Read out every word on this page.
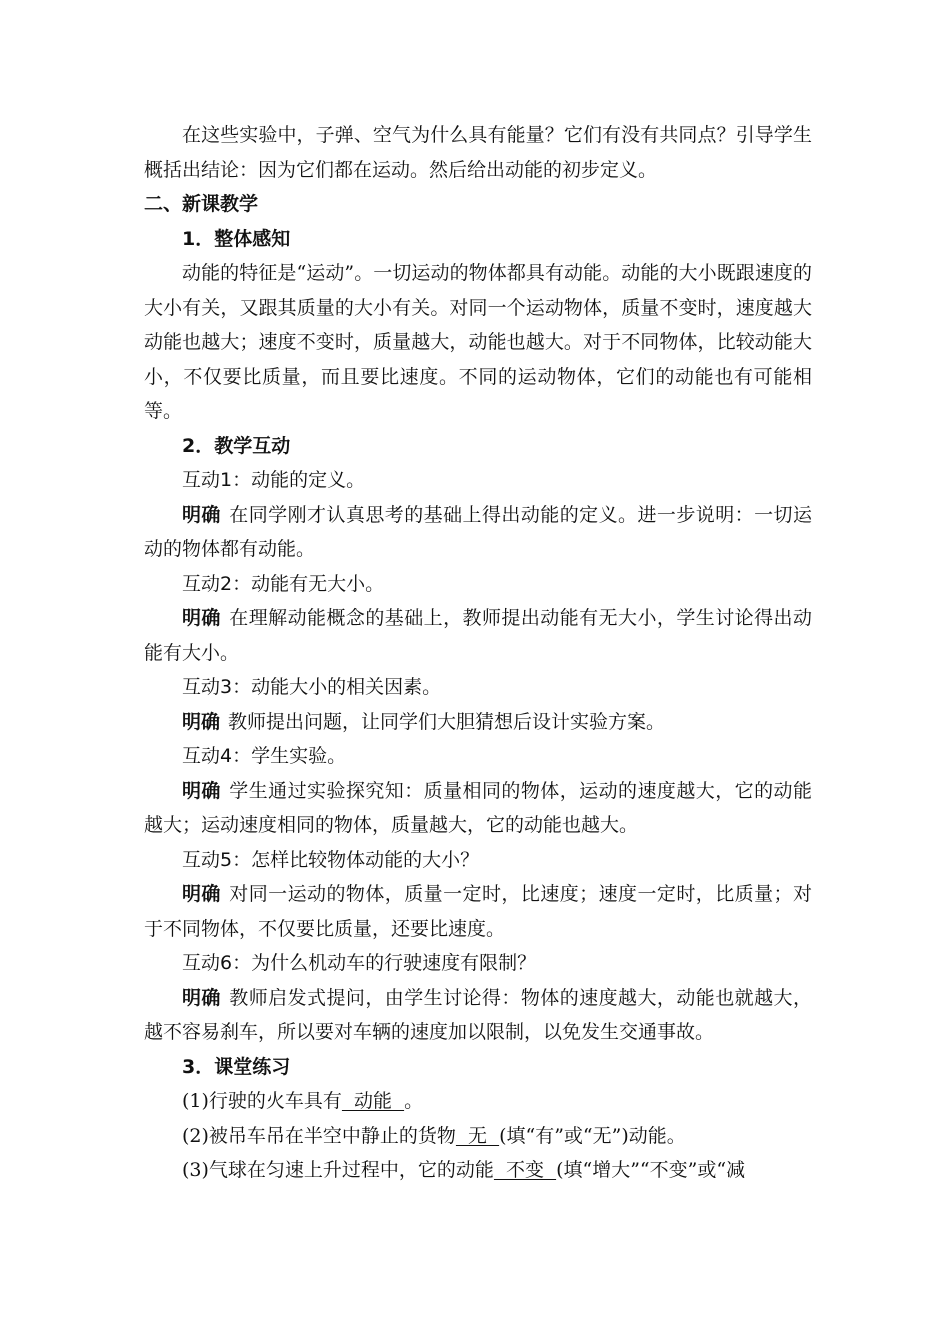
在这些实验中，子弹、空气为什么具有能量？它们有没有共同点？引导学生概括出结论：因为它们都在运动。然后给出动能的初步定义。

二、新课教学

1．整体感知

动能的特征是“运动”。一切运动的物体都具有动能。动能的大小既跟速度的大小有关，又跟其质量的大小有关。对同一个运动物体，质量不变时，速度越大动能也越大；速度不变时，质量越大，动能也越大。对于不同物体，比较动能大小，不仅要比质量，而且要比速度。不同的运动物体，它们的动能也有可能相等。

2．教学互动

互动1：动能的定义。

明确 在同学刚才认真思考的基础上得出动能的定义。进一步说明：一切运动的物体都有动能。

互动2：动能有无大小。

明确 在理解动能概念的基础上，教师提出动能有无大小，学生讨论得出动能有大小。

互动3：动能大小的相关因素。

明确 教师提出问题，让同学们大胆猜想后设计实验方案。

互动4：学生实验。

明确 学生通过实验探究知：质量相同的物体，运动的速度越大，它的动能越大；运动速度相同的物体，质量越大，它的动能也越大。

互动5：怎样比较物体动能的大小？

明确 对同一运动的物体，质量一定时，比速度；速度一定时，比质量；对于不同物体，不仅要比质量，还要比速度。

互动6：为什么机动车的行驶速度有限制？

明确 教师启发式提问，由学生讨论得：物体的速度越大，动能也就越大，越不容易刹车，所以要对车辆的速度加以限制，以免发生交通事故。

3．课堂练习

(1)行驶的火车具有  动能  。

(2)被吊车吊在半空中静止的货物  无  (填“有”或“无”)动能。

(3)气球在匀速上升过程中，它的动能  不变  (填“增大”“不变”或“减
